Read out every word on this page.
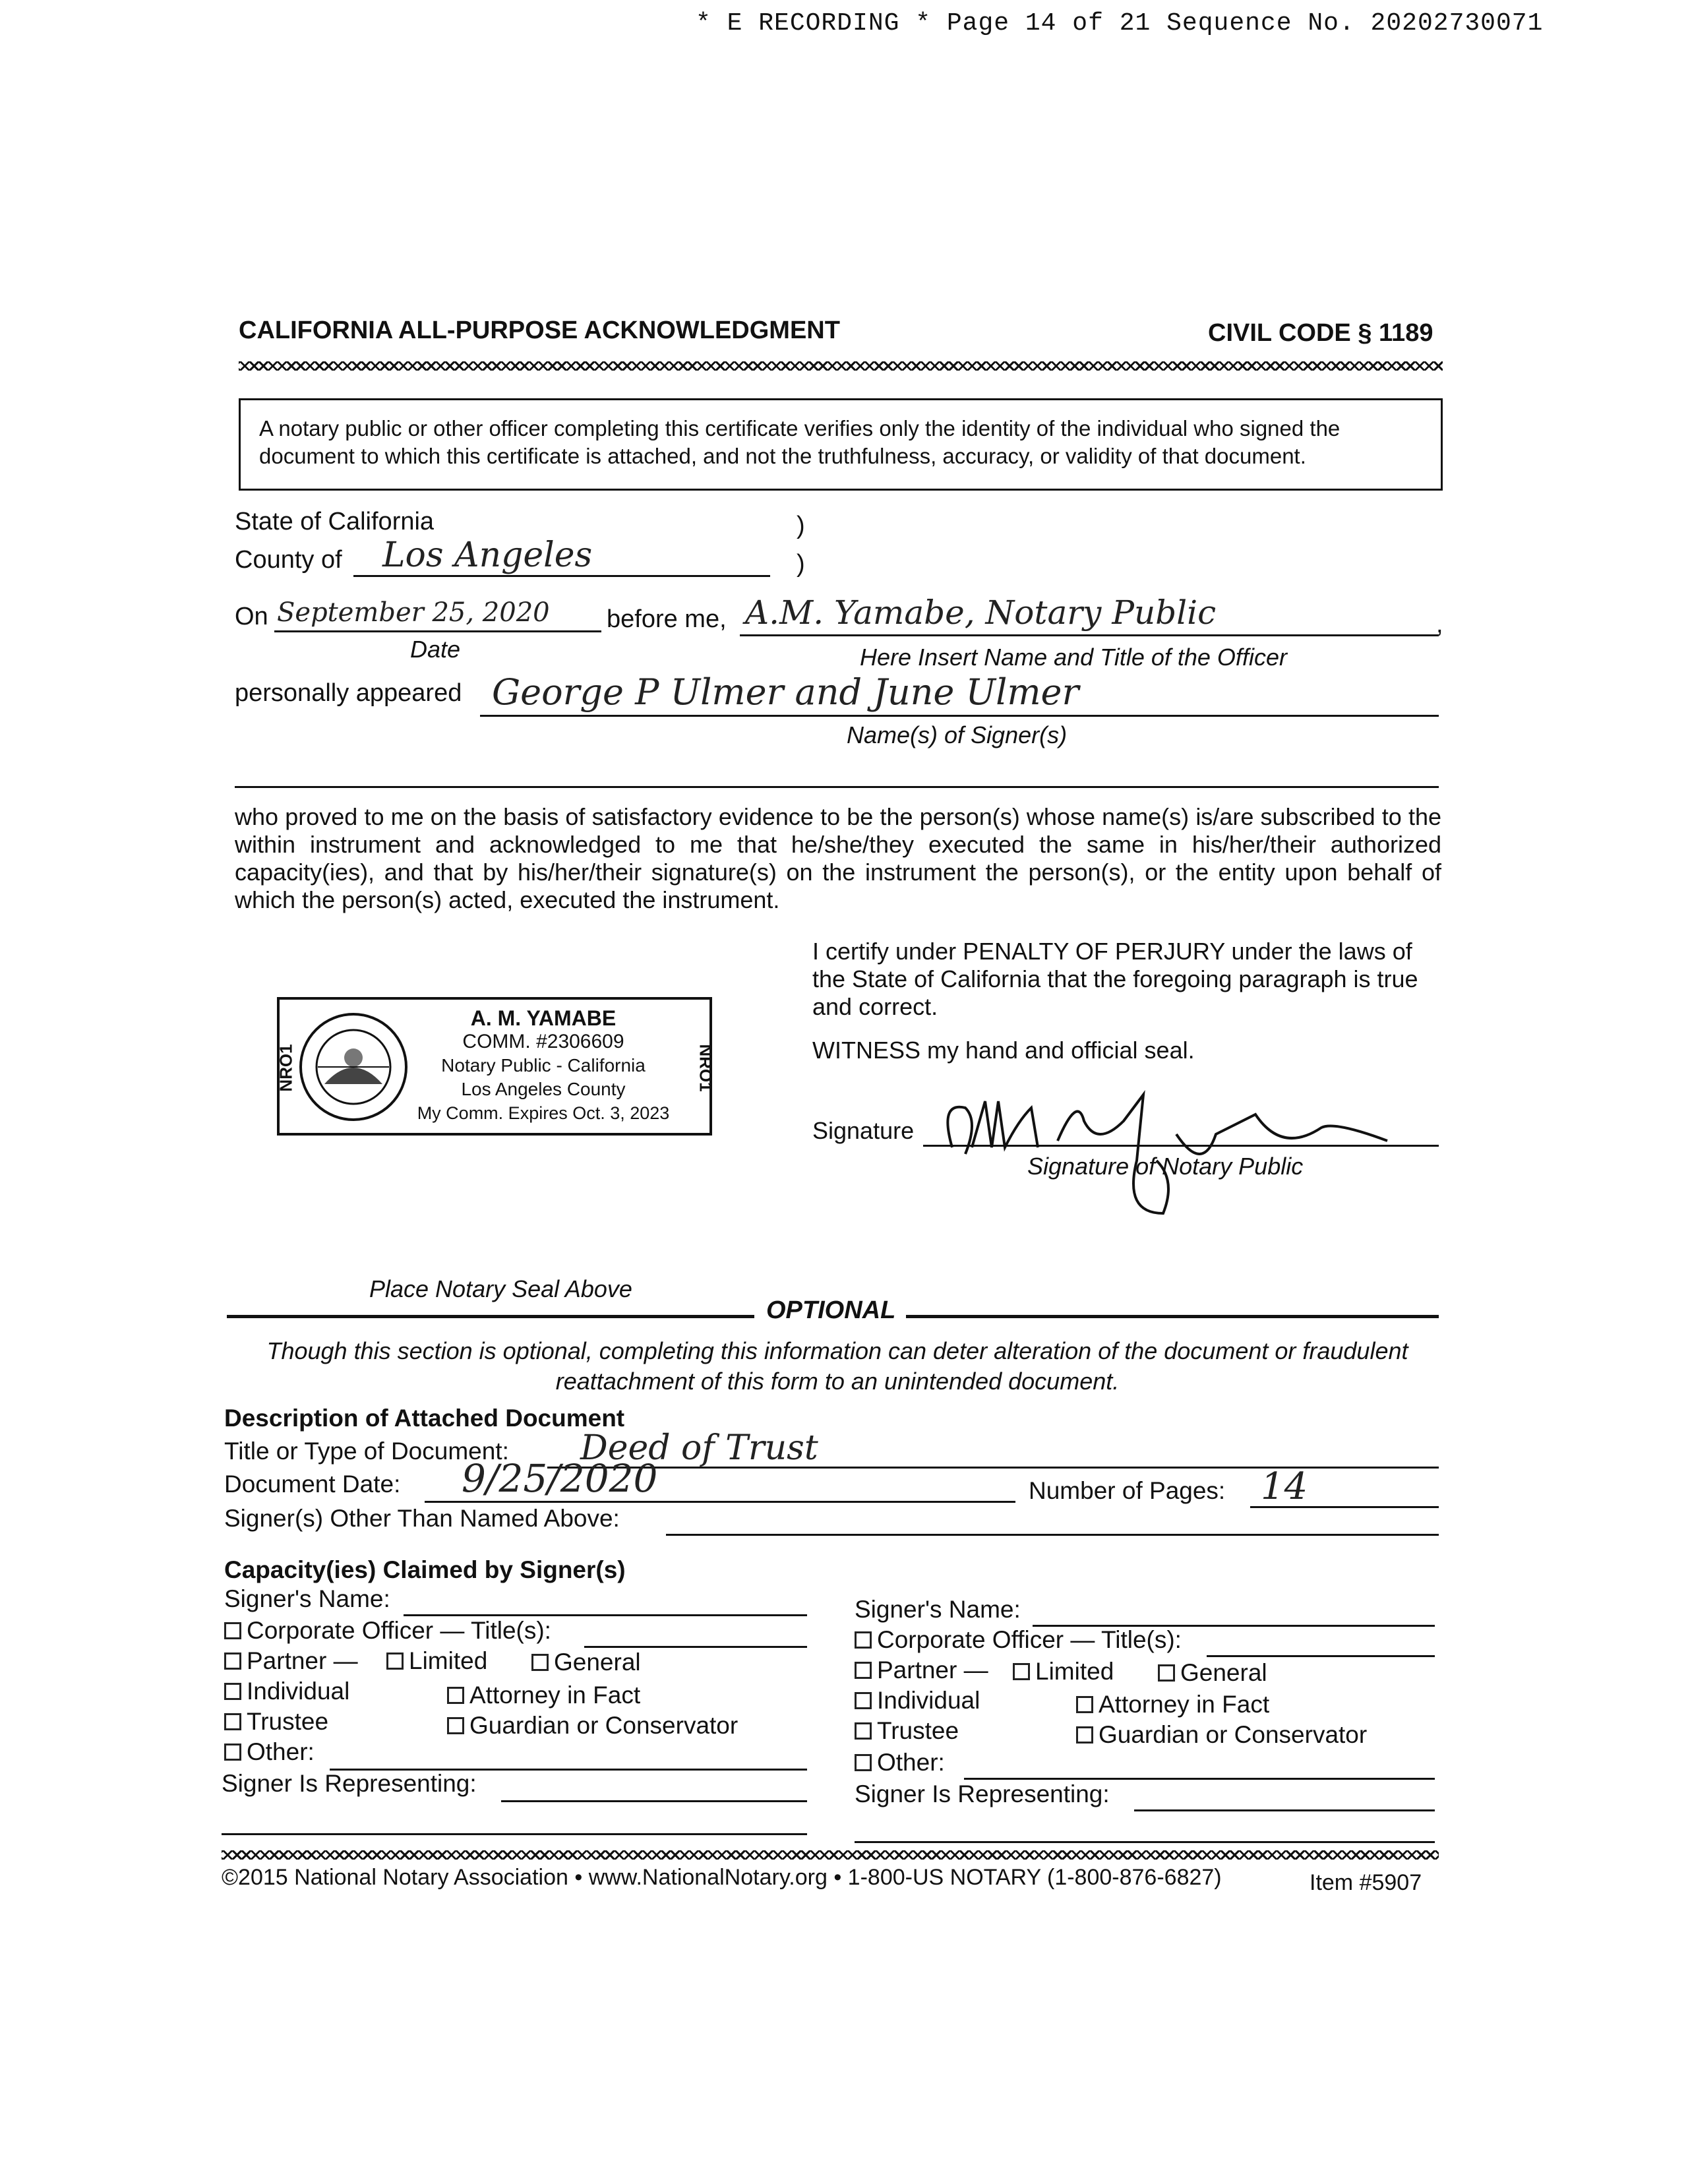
* E RECORDING * Page 14 of 21 Sequence No. 20202730071
CALIFORNIA ALL-PURPOSE ACKNOWLEDGMENT	CIVIL CODE § 1189
A notary public or other officer completing this certificate verifies only the identity of the individual who signed the document to which this certificate is attached, and not the truthfulness, accuracy, or validity of that document.
State of California	)
County of Los Angeles	)
On September 25, 2020 before me, A.M. Yamabe, Notary Public	,
Date	Here Insert Name and Title of the Officer
personally appeared George P Ulmer and June Ulmer
Name(s) of Signer(s)
who proved to me on the basis of satisfactory evidence to be the person(s) whose name(s) is/are subscribed to the within instrument and acknowledged to me that he/she/they executed the same in his/her/their authorized capacity(ies), and that by his/her/their signature(s) on the instrument the person(s), or the entity upon behalf of which the person(s) acted, executed the instrument.
I certify under PENALTY OF PERJURY under the laws of the State of California that the foregoing paragraph is true and correct.
WITNESS my hand and official seal.
NRO1	NRO1
A. M. YAMABE
COMM. #2306609
Notary Public - California
Los Angeles County
My Comm. Expires Oct. 3, 2023
Signature
Signature of Notary Public
Place Notary Seal Above
OPTIONAL
Though this section is optional, completing this information can deter alteration of the document or fraudulent reattachment of this form to an unintended document.
Description of Attached Document
Title or Type of Document: Deed of Trust
Document Date: 9/25/2020	Number of Pages: 14
Signer(s) Other Than Named Above:
Capacity(ies) Claimed by Signer(s)
Signer's Name:
Corporate Officer — Title(s):
Partner — Limited	General
Individual	Attorney in Fact
Trustee	Guardian or Conservator
Other:
Signer Is Representing:
Signer's Name:
Corporate Officer — Title(s):
Partner — Limited	General
Individual	Attorney in Fact
Trustee	Guardian or Conservator
Other:
Signer Is Representing:
©2015 National Notary Association • www.NationalNotary.org • 1-800-US NOTARY (1-800-876-6827)	Item #5907
